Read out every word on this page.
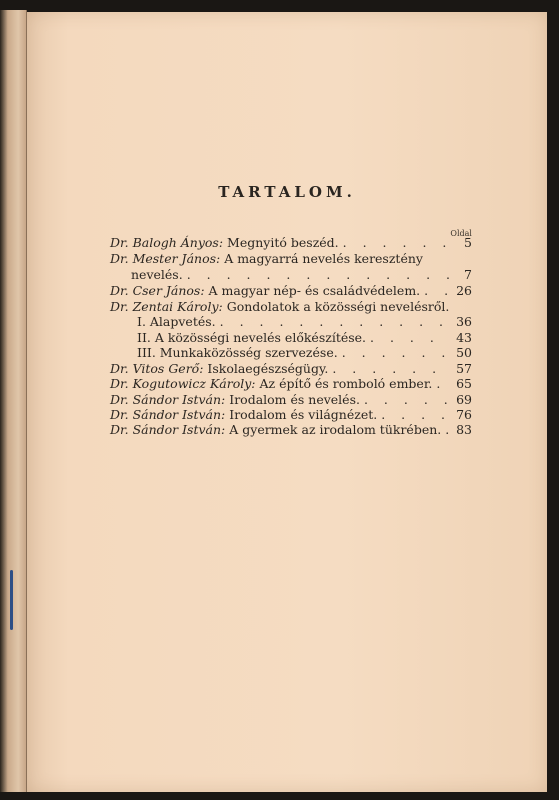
TARTALOM.
Oldal
Dr. Balogh Ányos:
Megnyitó beszéd. . . .	5
Dr. Mester János:
A magyarrá nevelés keresztény
nevelés. . . .	7
Dr. Cser János:
A magyar nép- és családvédelem. . . .	26
Dr. Zentai Károly:
Gondolatok a közösségi nevelésről.
I. Alapvetés. . . .	36
II. A közösségi nevelés előkészítése. . . .	43
III. Munkaközösség szervezése. . . .	50
Dr. Vitos Gerő:
Iskolaegészségügy. . . .	57
Dr. Kogutowicz Károly:
Az építő és romboló ember. . . . 65
Dr. Sándor István:
Irodalom és nevelés. . . .	69
Dr. Sándor István:
Irodalom és világnézet. . . .	76
Dr. Sándor István:
A gyermek az irodalom tükrében. . . . 83
